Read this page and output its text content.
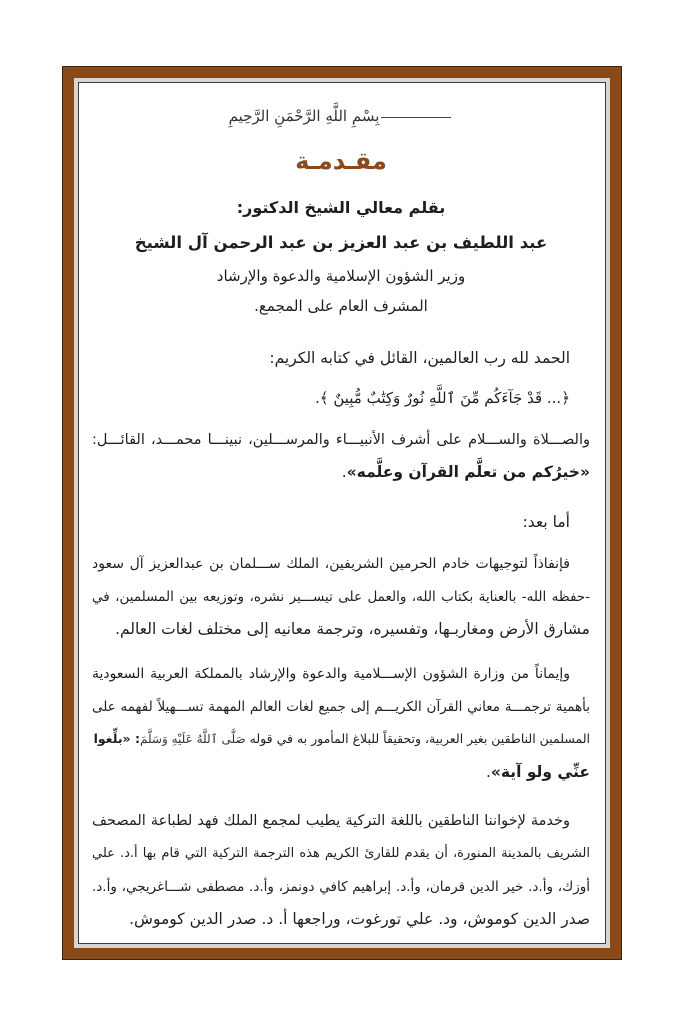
بِسْمِ اللَّهِ الرَّحْمَنِ الرَّحِيمِ
مقـدمـة
بقلم معالي الشيخ الدكتور:
عبد اللطيف بن عبد العزيز بن عبد الرحمن آل الشيخ
وزير الشؤون الإسلامية والدعوة والإرشاد
المشرف العام على المجمع.
الحمد لله رب العالمين، القائل في كتابه الكريم:
﴿... قَدْ جَآءَكُم مِّنَ ٱللَّهِ نُورٌ وَكِتَٰبٌ مُّبِينٌ ﴾.
والصـــلاة والســـلام على أشرف الأنبيـــاء والمرســـلين، نبينـــا محمـــد، القائـــل:
«خيرُكم من تعلَّم القرآن وعلَّمه».
أما بعد:
فإنفاذاً لتوجيهات خادم الحرمين الشريفين، الملك ســـلمان بن عبدالعزيز آل سعود
-حفظه الله- بالعناية بكتاب الله، والعمل على تيســـير نشره، وتوزيعه بين المسلمين، في
مشارق الأرض ومغاربـها، وتفسيره، وترجمة معانيه إلى مختلف لغات العالم.
وإيماناً من وزارة الشؤون الإســـلامية والدعوة والإرشاد بالمملكة العربية السعودية
بأهمية ترجمـــة معاني القرآن الكريـــم إلى جميع لغات العالم المهمة تســـهيلاً لفهمه على
المسلمين الناطقين بغير العربية، وتحقيقاً للبلاغ المأمور به في قوله صَلَّى ٱللَّهُ عَلَيْهِ وَسَلَّمَ: «بلِّغوا
عنِّي ولو آية».
وخدمة لإخواننا الناطقين باللغة التركية يطيب لمجمع الملك فهد لطباعة المصحف
الشريف بالمدينة المنورة، أن يقدم للقارئ الكريم هذه الترجمة التركية التي قام بها أ.د. علي
أوزك، وأ.د. خير الدين قرمان، وأ.د. إبراهيم كافي دونمز، وأ.د. مصطفى شـــاغريجي، وأ.د.
صدر الدين كوموش، ود. علي تورغوت، وراجعها أ. د. صدر الدين كوموش.
